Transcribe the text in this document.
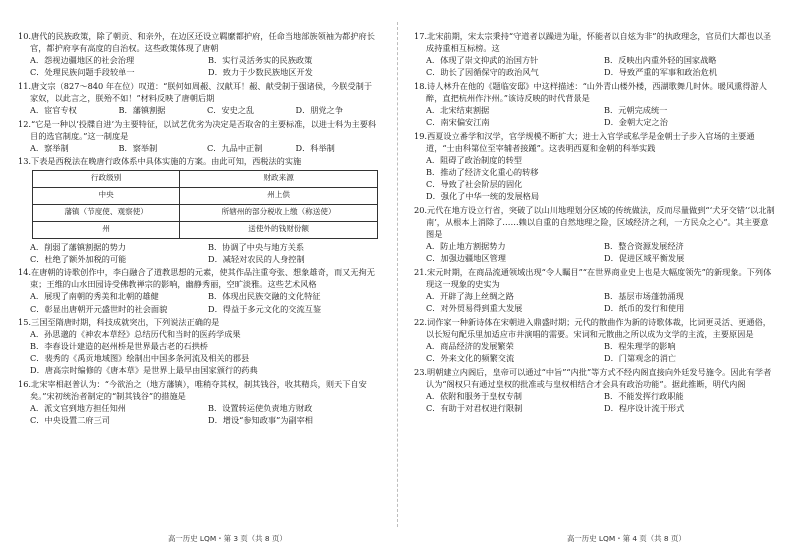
10.唐代的民族政策，除了朝贡、和亲外，在边区还设立羁縻都护府，任命当地部族领袖为都护府长官，都护府享有高度的自治权。这些政策体现了唐朝
A．怨视边疆地区的社会治理	B．实行灵活务实的民族政策
C．处理民族问题手段较单一	D．致力于少数民族地区开发
11.唐文宗（827～840 年在位）叹道：“朕何如周赧、汉献耳！赧、献受制于强诸侯，今朕受制于家奴，以此言之，朕殆不如！”材料反映了唐朝后期
A．宦官专权	B．藩镇割据	C．安史之乱	D．朋党之争
12.“它是一种以‘投牒自进’为主要特征，以试艺优劣为决定是否取舍的主要标准，以进士科为主要科目的选官制度。”这一制度是
A．察举制	B．察举制	C．九品中正制	D．科举制
13.下表是西税法在晚唐行政体系中具体实施的方案。由此可知，西税法的实施
行政级别	财政来源
中央	州上供
藩镇（节度使、观察使）	所辖州的部分税收上缴（称送使）
州	送使外的钱财份额
A．削弱了藩镇割据的势力	B．协调了中央与地方关系
C．杜绝了额外加税的可能	D．减轻对农民的人身控制
14.在唐朝的诗歌创作中，李白融合了道教思想的元素，使其作品注重夸张、想象雄奇，而又无拘无束；王维的山水田园诗受佛教禅宗的影响，幽静秀丽，空旷淡雅。这些艺术风格
A．展现了南朝的秀美和北朝的雄健	B．体现出民族交融的文化特征
C．彰显出唐朝开元盛世时的社会面貌	D．得益于多元文化的交流互鉴
15.三国至隋唐时期，科技成就突出，下列说法正确的是
A．孙思邈的《神农本草经》总结历代和当时的医药学成果
B．李春设计建造的赵州桥是世界最古老的石拱桥
C．裴秀的《禹贡地域图》绘制出中国多条河流及相关的郡县
D．唐高宗时编修的《唐本草》是世界上最早由国家颁行的药典
16.北宋宰相赵普认为：“今欲治之（地方藩镇），唯稍夺其权，制其钱谷，收其精兵，则天下自安矣。”宋初统治者制定的“制其钱谷”的措施是
A．派文官到地方担任知州	B．设置转运使负责地方财政
C．中央设置二府三司	D．增设“参知政事”为副宰相
17.北宋前期，宋太宗秉持“守道者以躁进为耻，怀能者以自炫为非”的执政理念，官员们大都也以圣成持重相互标榜。这
A．体现了崇文抑武的治国方针	B．反映出内重外轻的国家战略
C．助长了因循保守的政治风气	D．导致严重的军事和政治危机
18.诗人林升在他的《题临安邸》中这样描述：“山外青山楼外楼，西湖歌舞几时休。暖风熏得游人醉，直把杭州作汴州。”该诗反映的时代背景是
A．北宋结束割据	B．元朝完成统一
C．南宋偏安江南	D．金朝大定之治
19.西夏设立番学和汉学，官学规模不断扩大；进士入官学或私学是金朝士子步入官场的主要通道，“士由科第位至宰辅者接踵”。这表明西夏和金朝的科举实践
A．阻碍了政治制度的转型
B．推动了经济文化重心的转移
C．导致了社会阶层的固化
D．强化了中华一统的发展格局
20.元代在地方设立行省，突破了以山川地理划分区域的传统做法，反而尽量做到“‘犬牙交错’‘以北制南’，从根本上消除了……赖以自重的自然地理之险，区域经济之利，一方民众之心”。其主要意图是
A．防止地方割据势力	B．整合资源发展经济
C．加强边疆地区管理	D．促进区域平衡发展
21.宋元时期，在商品流通领域出现“令人瞩目”“在世界商业史上也是大幅度领先”的新现象。下列体现这一现象的史实为
A．开辟了海上丝绸之路	B．基层市场蓬勃涌现
C．对外贸易得到重大发展	D．纸币的发行和使用
22.词作家一种新诗体在宋朝进入鼎盛时期；元代的散曲作为新的诗歌体裁，比词更灵活、更通俗，以长短句配乐里加适应市井演唱的需要。宋词和元散曲之所以成为文学的主流，主要原因是
A．商品经济的发展繁荣	B．程朱理学的影响
C．外来文化的频繁交流	D．门第观念的消亡
23.明朝建立内阁后，皇帝可以通过“中旨”“内批”等方式不经内阁直接向外廷发号施令。因此有学者认为“阁权只有通过皇权的批准或与皇权相结合才会具有政治功能”。据此推断，明代内阁
A．依附和服务于皇权专制	B．不能发挥行政职能
C．有助于对君权进行限制	D．程序设计流于形式
高一历史 LQM・第 3 页（共 8 页）	高一历史 LQM・第 4 页（共 8 页）
